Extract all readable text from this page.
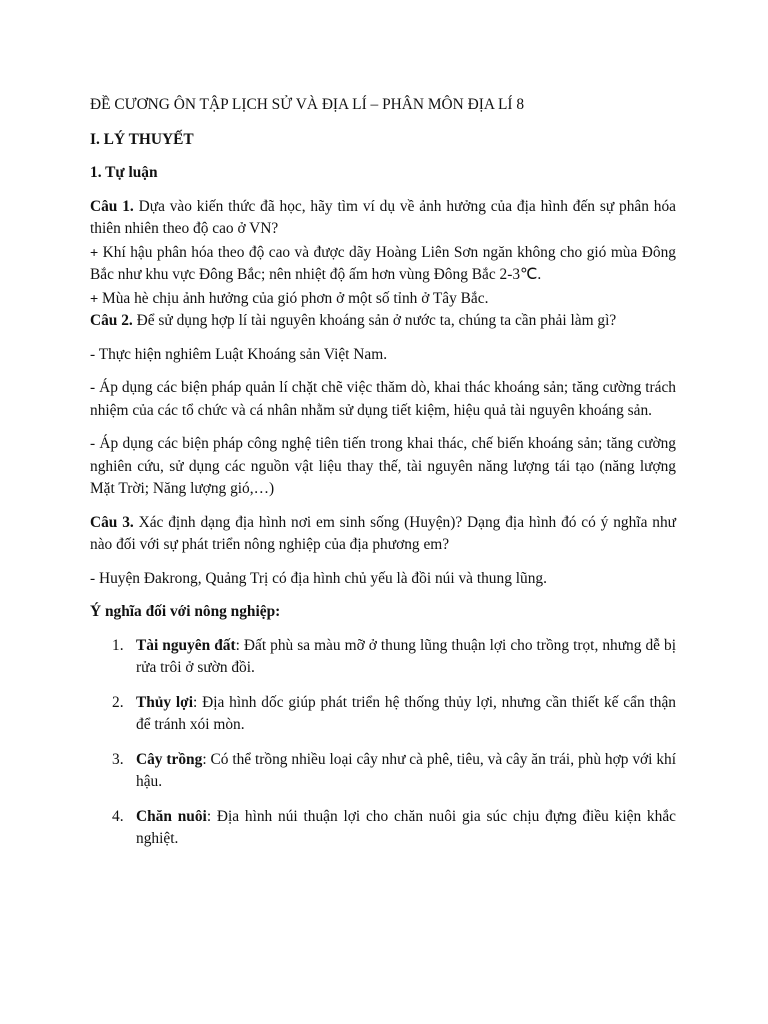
ĐỀ CƯƠNG ÔN TẬP LỊCH SỬ VÀ ĐỊA LÍ – PHÂN MÔN ĐỊA LÍ 8

I. LÝ THUYẾT

1. Tự luận

Câu 1. Dựa vào kiến thức đã học, hãy tìm ví dụ về ảnh hưởng của địa hình đến sự phân hóa thiên nhiên theo độ cao ở VN?

+ Khí hậu phân hóa theo độ cao và được dãy Hoàng Liên Sơn ngăn không cho gió mùa Đông Bắc như khu vực Đông Bắc; nên nhiệt độ ấm hơn vùng Đông Bắc 2-3℃.

+ Mùa hè chịu ảnh hưởng của gió phơn ở một số tỉnh ở Tây Bắc.

Câu 2. Để sử dụng hợp lí tài nguyên khoáng sản ở nước ta, chúng ta cần phải làm gì?

- Thực hiện nghiêm Luật Khoáng sản Việt Nam.

- Áp dụng các biện pháp quản lí chặt chẽ việc thăm dò, khai thác khoáng sản; tăng cường trách nhiệm của các tổ chức và cá nhân nhằm sử dụng tiết kiệm, hiệu quả tài nguyên khoáng sản.

- Áp dụng các biện pháp công nghệ tiên tiến trong khai thác, chế biến khoáng sản; tăng cường nghiên cứu, sử dụng các nguồn vật liệu thay thế, tài nguyên năng lượng tái tạo (năng lượng Mặt Trời; Năng lượng gió,…)

Câu 3. Xác định dạng địa hình nơi em sinh sống (Huyện)? Dạng địa hình đó có ý nghĩa như nào đối với sự phát triển nông nghiệp của địa phương em?

- Huyện Đakrong, Quảng Trị có địa hình chủ yếu là đồi núi và thung lũng.

Ý nghĩa đối với nông nghiệp:

1. Tài nguyên đất: Đất phù sa màu mỡ ở thung lũng thuận lợi cho trồng trọt, nhưng dễ bị rửa trôi ở sườn đồi.
2. Thủy lợi: Địa hình dốc giúp phát triển hệ thống thủy lợi, nhưng cần thiết kế cẩn thận để tránh xói mòn.
3. Cây trồng: Có thể trồng nhiều loại cây như cà phê, tiêu, và cây ăn trái, phù hợp với khí hậu.
4. Chăn nuôi: Địa hình núi thuận lợi cho chăn nuôi gia súc chịu đựng điều kiện khắc nghiệt.
